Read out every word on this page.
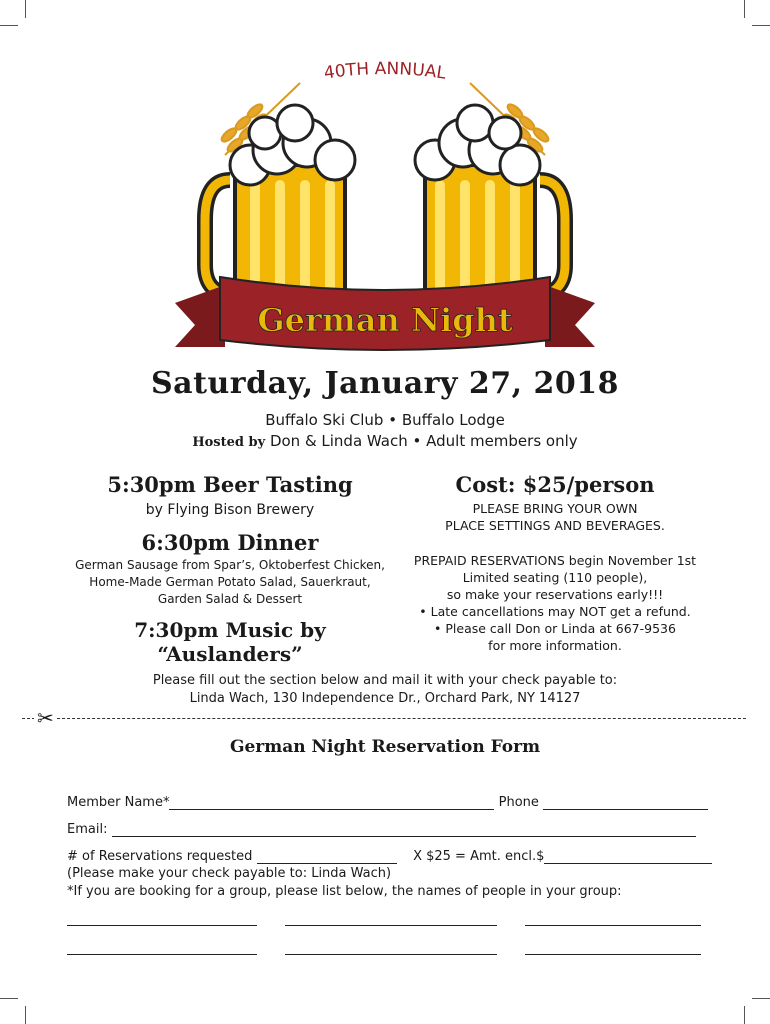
40TH ANNUAL
German Night
Saturday, January 27, 2018
Buffalo Ski Club • Buffalo Lodge
Hosted by Don & Linda Wach • Adult members only
5:30pm Beer Tasting
by Flying Bison Brewery
6:30pm Dinner
German Sausage from Spar’s, Oktoberfest Chicken,
Home-Made German Potato Salad, Sauerkraut,
Garden Salad & Dessert
7:30pm Music by “Auslanders”
Cost: $25/person
PLEASE BRING YOUR OWN
PLACE SETTINGS AND BEVERAGES.
PREPAID RESERVATIONS begin November 1st
Limited seating (110 people),
so make your reservations early!!!
• Late cancellations may NOT get a refund.
• Please call Don or Linda at 667-9536
for more information.
Please fill out the section below and mail it with your check payable to:
Linda Wach, 130 Independence Dr., Orchard Park, NY 14127
✂
German Night Reservation Form
Member Name*	Phone
Email:
# of Reservations requested	X $25 = Amt. encl.$
(Please make your check payable to: Linda Wach)
*If you are booking for a group, please list below, the names of people in your group:
